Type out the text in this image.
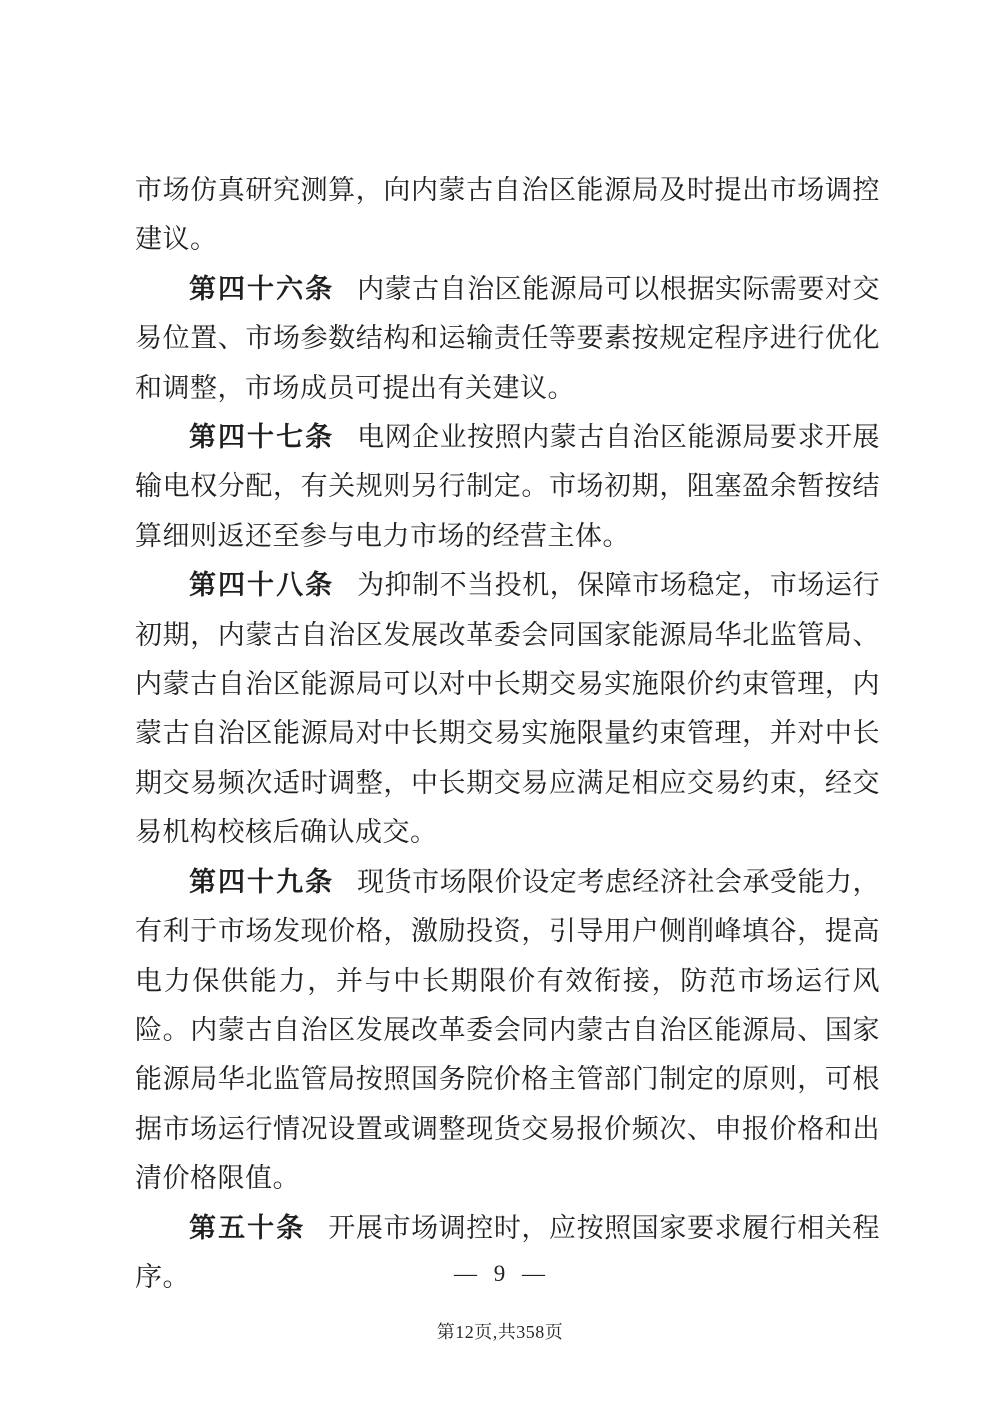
市场仿真研究测算，向内蒙古自治区能源局及时提出市场调控建议。

第四十六条 内蒙古自治区能源局可以根据实际需要对交易位置、市场参数结构和运输责任等要素按规定程序进行优化和调整，市场成员可提出有关建议。

第四十七条 电网企业按照内蒙古自治区能源局要求开展输电权分配，有关规则另行制定。市场初期，阻塞盈余暂按结算细则返还至参与电力市场的经营主体。

第四十八条 为抑制不当投机，保障市场稳定，市场运行初期，内蒙古自治区发展改革委会同国家能源局华北监管局、内蒙古自治区能源局可以对中长期交易实施限价约束管理，内蒙古自治区能源局对中长期交易实施限量约束管理，并对中长期交易频次适时调整，中长期交易应满足相应交易约束，经交易机构校核后确认成交。

第四十九条 现货市场限价设定考虑经济社会承受能力，有利于市场发现价格，激励投资，引导用户侧削峰填谷，提高电力保供能力，并与中长期限价有效衔接，防范市场运行风险。内蒙古自治区发展改革委会同内蒙古自治区能源局、国家能源局华北监管局按照国务院价格主管部门制定的原则，可根据市场运行情况设置或调整现货交易报价频次、申报价格和出清价格限值。

第五十条 开展市场调控时，应按照国家要求履行相关程序。	— 9 —
第12页,共358页
